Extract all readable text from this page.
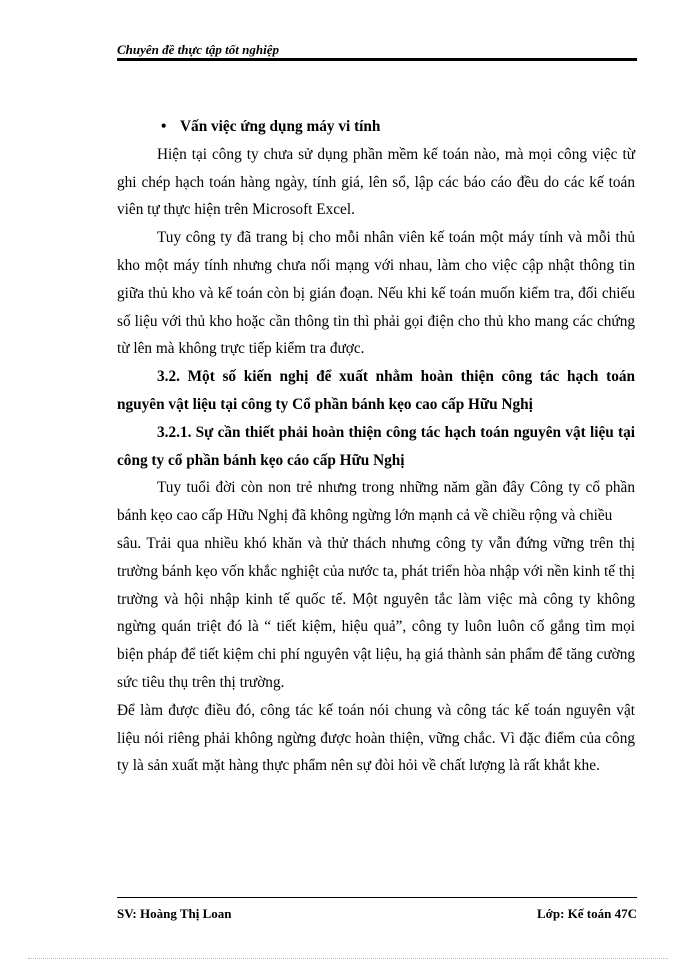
Chuyên đề thực tập tốt nghiệp

• Vấn việc ứng dụng máy vi tính

Hiện tại công ty chưa sử dụng phần mềm kế toán nào, mà mọi công việc từ ghi chép hạch toán hàng ngày, tính giá, lên sổ, lập các báo cáo đều do các kế toán viên tự thực hiện trên Microsoft Excel.

Tuy công ty đã trang bị cho mỗi nhân viên kế toán một máy tính và mỗi thủ kho một máy tính nhưng chưa nối mạng với nhau, làm cho việc cập nhật thông tin giữa thủ kho và kế toán còn bị gián đoạn. Nếu khi kế toán muốn kiểm tra, đối chiếu số liệu với thủ kho hoặc cần thông tin thì phải gọi điện cho thủ kho mang các chứng từ lên mà không trực tiếp kiểm tra được.

3.2. Một số kiến nghị để xuất nhằm hoàn thiện công tác hạch toán nguyên vật liệu tại công ty Cổ phần bánh kẹo cao cấp Hữu Nghị

3.2.1. Sự cần thiết phải hoàn thiện công tác hạch toán nguyên vật liệu tại công ty cổ phần bánh kẹo cáo cấp Hữu Nghị

Tuy tuổi đời còn non trẻ nhưng trong những năm gần đây Công ty cổ phần bánh kẹo cao cấp Hữu Nghị đã không ngừng lớn mạnh cả về chiều rộng và chiều

sâu. Trải qua nhiều khó khăn và thử thách nhưng công ty vẫn đứng vững trên thị trường bánh kẹo vốn khắc nghiệt của nước ta, phát triển hòa nhập với nền kinh tế thị trường và hội nhập kinh tế quốc tế. Một nguyên tắc làm việc mà công ty không ngừng quán triệt đó là “ tiết kiệm, hiệu quả”, công ty luôn luôn cố gắng tìm mọi biện pháp để tiết kiệm chi phí nguyên vật liệu, hạ giá thành sản phẩm để tăng cường sức tiêu thụ trên thị trường.

Để làm được điều đó, công tác kế toán nói chung và công tác kế toán nguyên vật liệu nói riêng phải không ngừng được hoàn thiện, vững chắc. Vì đặc điểm của công ty là sản xuất mặt hàng thực phẩm nên sự đòi hỏi về chất lượng là rất khắt khe.

SV: Hoàng Thị Loan	Lớp: Kế toán 47C
